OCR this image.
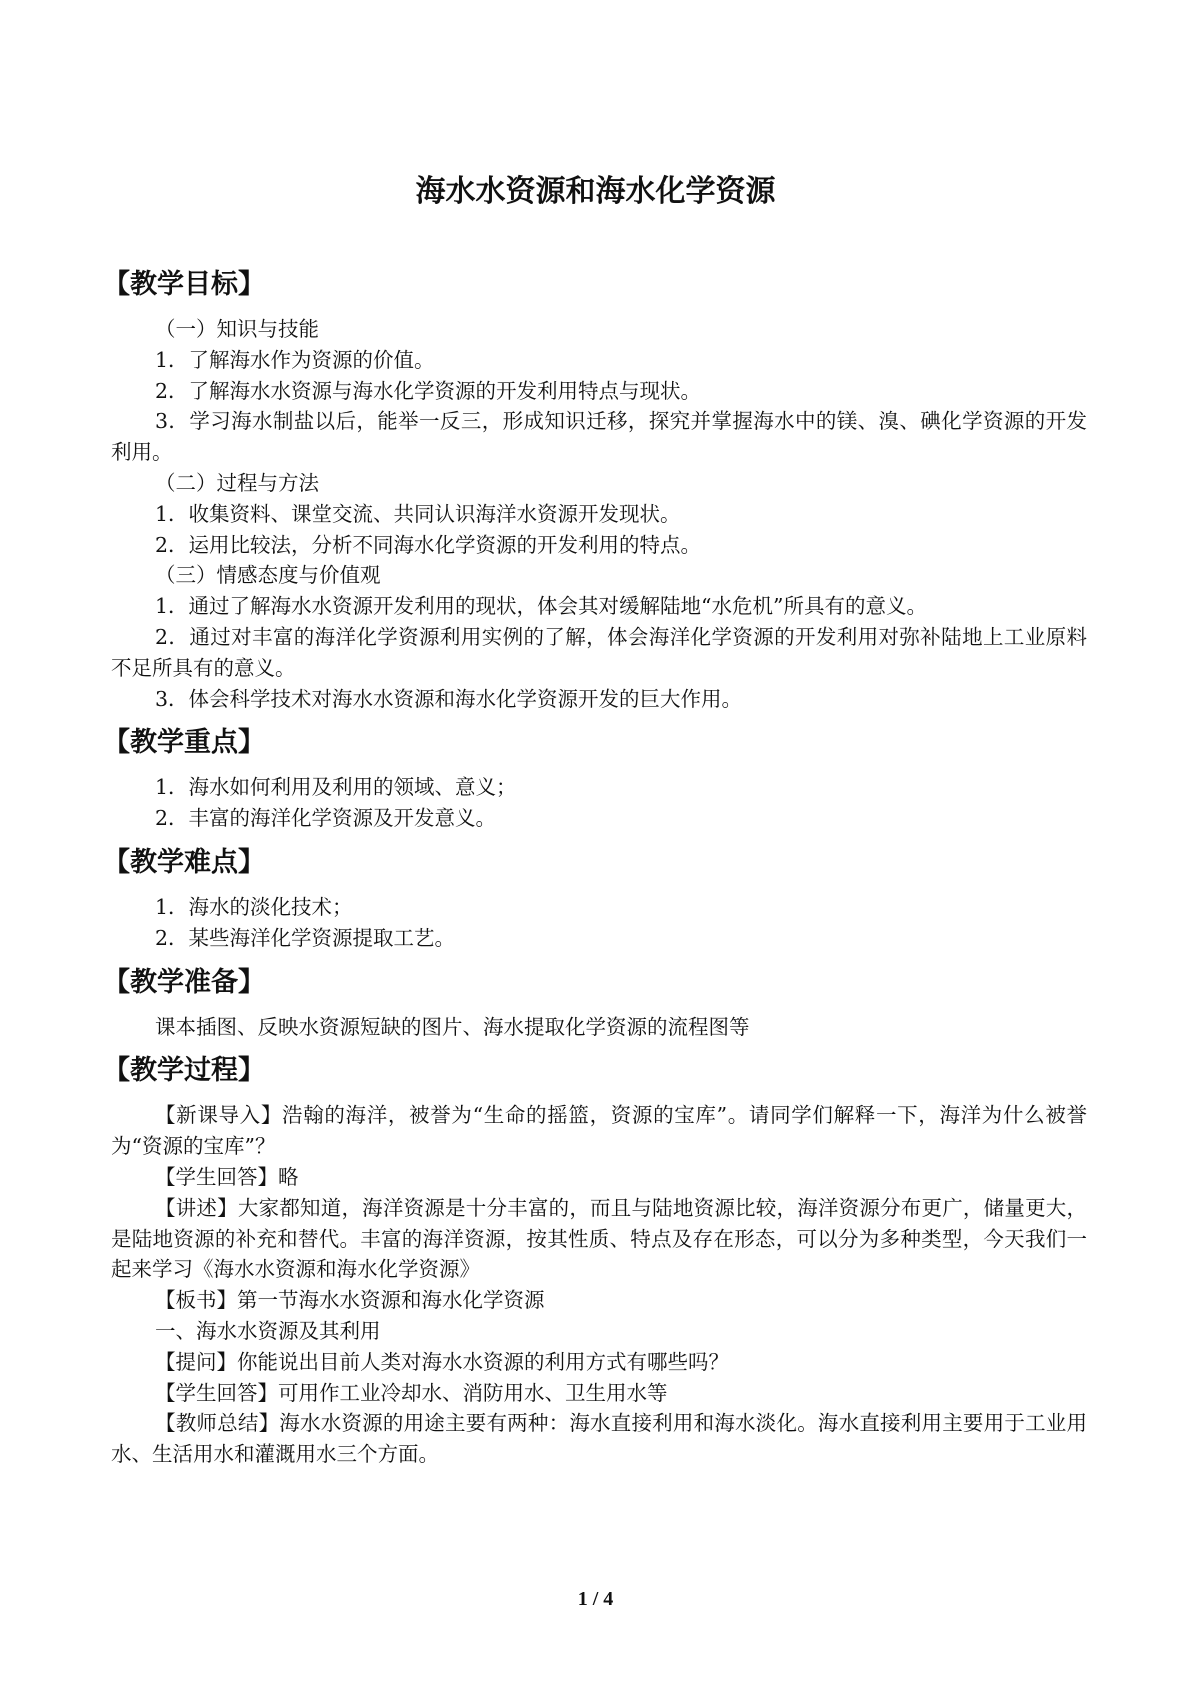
海水水资源和海水化学资源
【教学目标】

（一）知识与技能

1．了解海水作为资源的价值。

2．了解海水水资源与海水化学资源的开发利用特点与现状。

3．学习海水制盐以后，能举一反三，形成知识迁移，探究并掌握海水中的镁、溴、碘化学资源的开发利用。

（二）过程与方法

1．收集资料、课堂交流、共同认识海洋水资源开发现状。

2．运用比较法，分析不同海水化学资源的开发利用的特点。

（三）情感态度与价值观

1．通过了解海水水资源开发利用的现状，体会其对缓解陆地“水危机”所具有的意义。

2．通过对丰富的海洋化学资源利用实例的了解，体会海洋化学资源的开发利用对弥补陆地上工业原料不足所具有的意义。

3．体会科学技术对海水水资源和海水化学资源开发的巨大作用。

【教学重点】

1．海水如何利用及利用的领域、意义；

2．丰富的海洋化学资源及开发意义。

【教学难点】

1．海水的淡化技术；

2．某些海洋化学资源提取工艺。

【教学准备】

课本插图、反映水资源短缺的图片、海水提取化学资源的流程图等

【教学过程】

【新课导入】浩翰的海洋，被誉为“生命的摇篮，资源的宝库”。请同学们解释一下，海洋为什么被誉为“资源的宝库”？

【学生回答】略

【讲述】大家都知道，海洋资源是十分丰富的，而且与陆地资源比较，海洋资源分布更广，储量更大，是陆地资源的补充和替代。丰富的海洋资源，按其性质、特点及存在形态，可以分为多种类型，今天我们一起来学习《海水水资源和海水化学资源》

【板书】第一节海水水资源和海水化学资源

一、海水水资源及其利用

【提问】你能说出目前人类对海水水资源的利用方式有哪些吗？

【学生回答】可用作工业冷却水、消防用水、卫生用水等

【教师总结】海水水资源的用途主要有两种：海水直接利用和海水淡化。海水直接利用主要用于工业用水、生活用水和灌溉用水三个方面。

1 / 4
